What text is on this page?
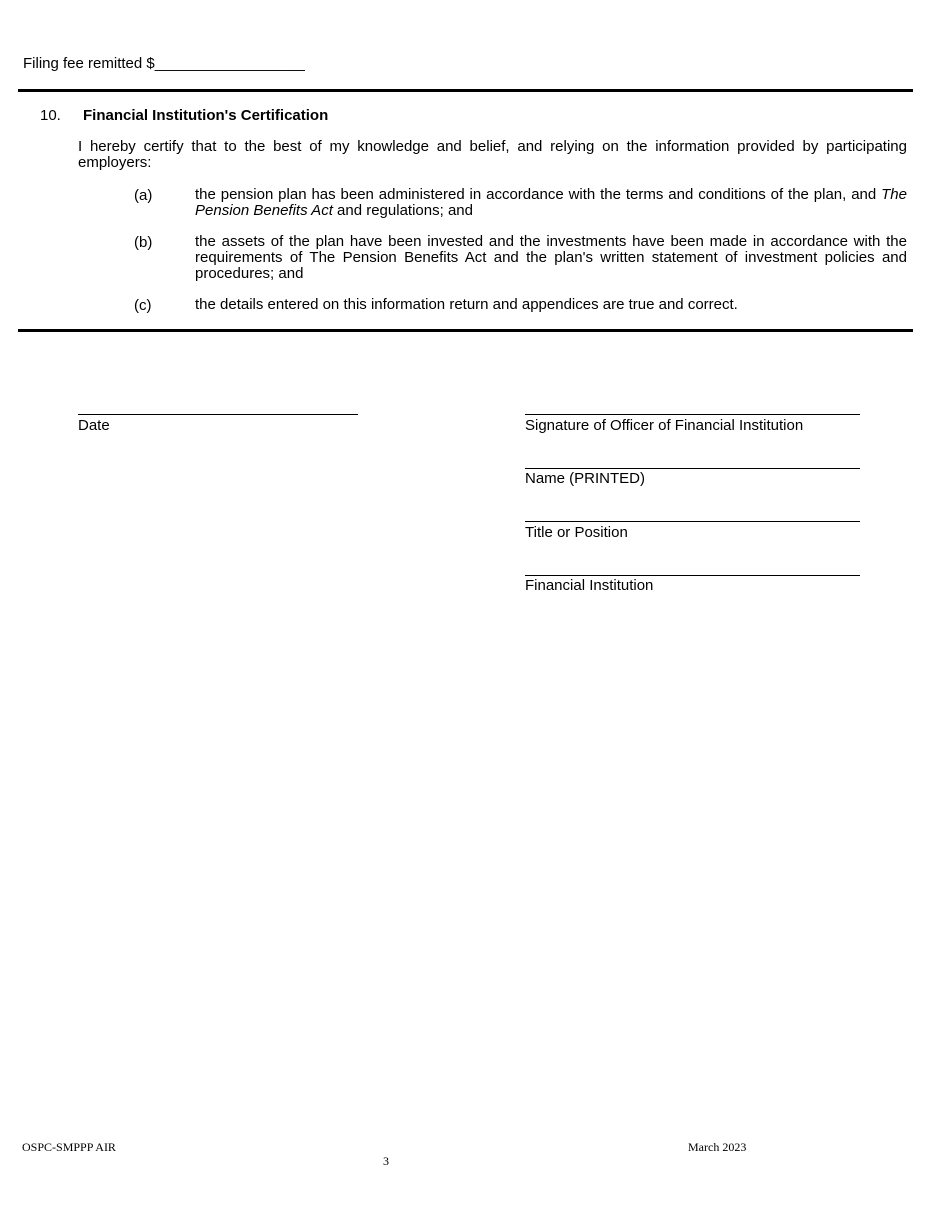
Filing fee remitted $__________________
10. Financial Institution's Certification
I hereby certify that to the best of my knowledge and belief, and relying on the information provided by participating employers:
(a)	the pension plan has been administered in accordance with the terms and conditions of the plan, and The Pension Benefits Act and regulations; and
(b)	the assets of the plan have been invested and the investments have been made in accordance with the requirements of The Pension Benefits Act and the plan's written statement of investment policies and procedures; and
(c)	the details entered on this information return and appendices are true and correct.
Date	Signature of Officer of Financial Institution
Name (PRINTED)
Title or Position
Financial Institution
OSPC-SMPPP AIR	March 2023
3
